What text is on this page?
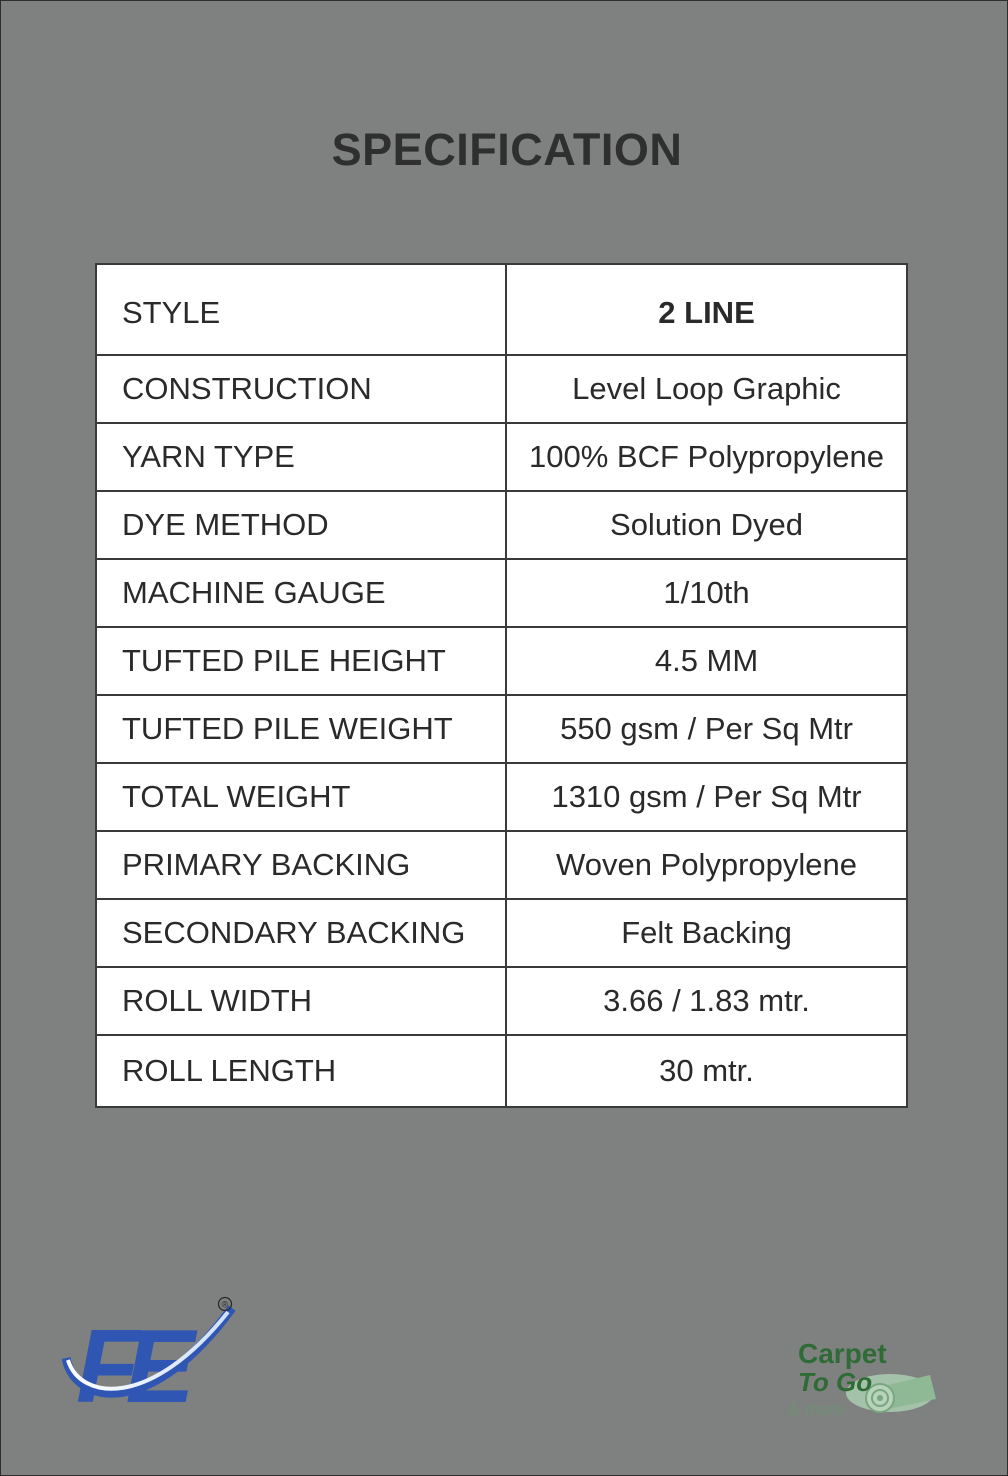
SPECIFICATION
STYLE	2 LINE
CONSTRUCTION	Level Loop Graphic
YARN TYPE	100% BCF Polypropylene
DYE METHOD	Solution Dyed
MACHINE GAUGE	1/10th
TUFTED PILE HEIGHT	4.5 MM
TUFTED PILE WEIGHT	550 gsm / Per Sq Mtr
TOTAL WEIGHT	1310 gsm / Per Sq Mtr
PRIMARY BACKING	Woven Polypropylene
SECONDARY BACKING	Felt Backing
ROLL WIDTH	3.66 / 1.83 mtr.
ROLL LENGTH	30 mtr.
FE
®
Carpet
To Go
& more
